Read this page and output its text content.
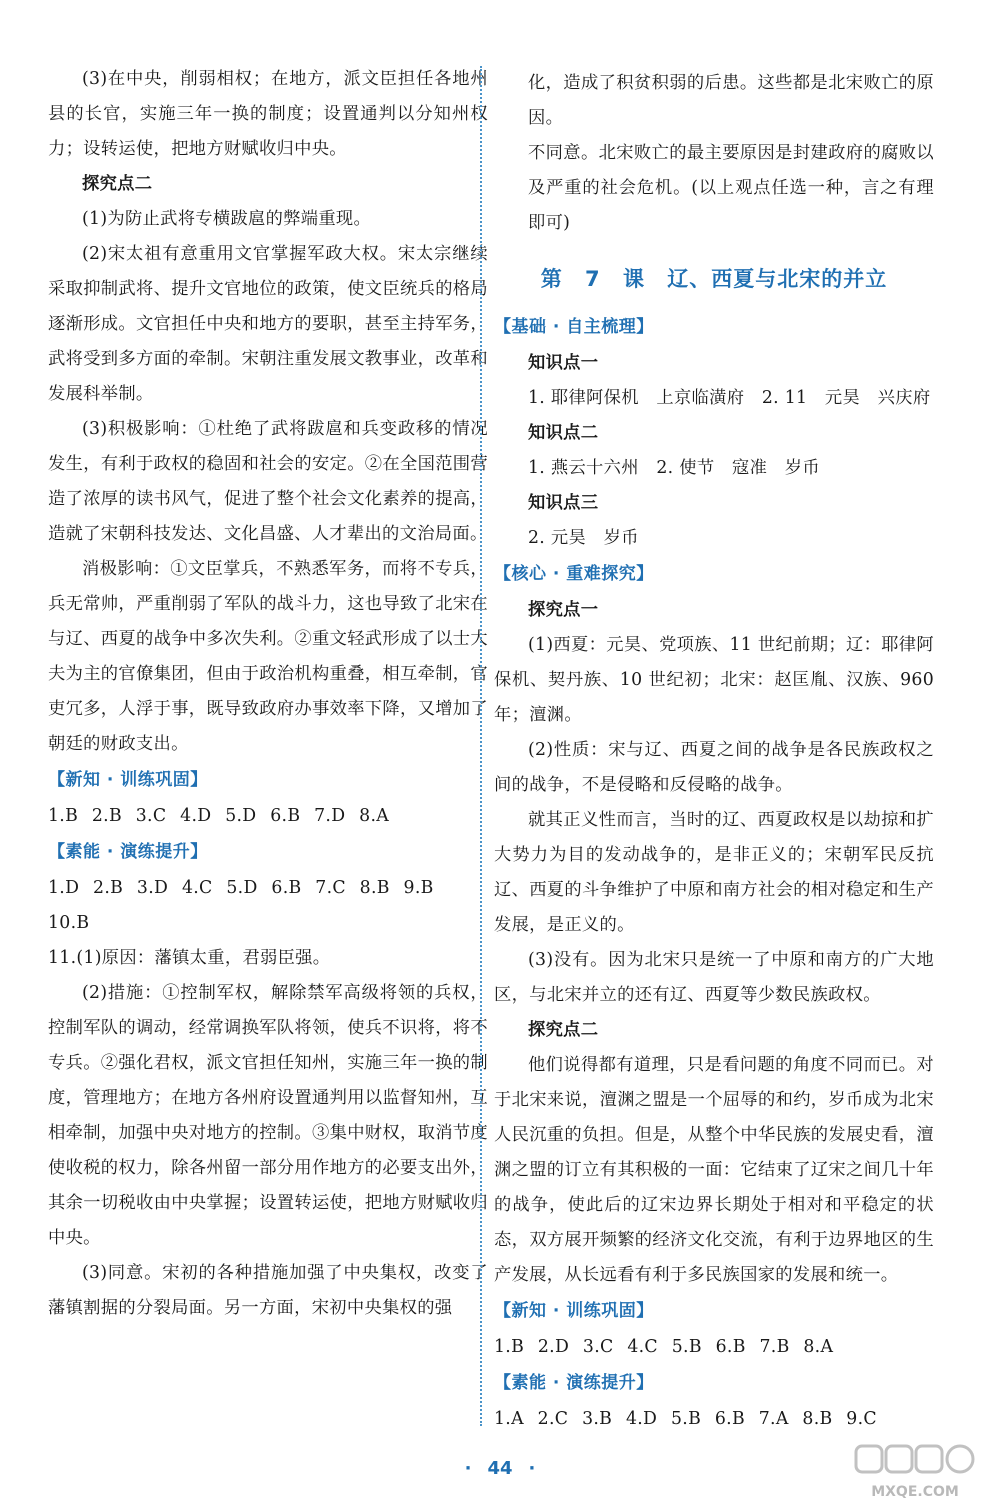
(3)在中央，削弱相权；在地方，派文臣担任各地州县的长官，实施三年一换的制度；设置通判以分知州权力；设转运使，把地方财赋收归中央。

探究点二

(1)为防止武将专横跋扈的弊端重现。

(2)宋太祖有意重用文官掌握军政大权。宋太宗继续采取抑制武将、提升文官地位的政策，使文臣统兵的格局逐渐形成。文官担任中央和地方的要职，甚至主持军务，武将受到多方面的牵制。宋朝注重发展文教事业，改革和发展科举制。

(3)积极影响：①杜绝了武将跋扈和兵变政移的情况发生，有利于政权的稳固和社会的安定。②在全国范围营造了浓厚的读书风气，促进了整个社会文化素养的提高，造就了宋朝科技发达、文化昌盛、人才辈出的文治局面。

消极影响：①文臣掌兵，不熟悉军务，而将不专兵，兵无常帅，严重削弱了军队的战斗力，这也导致了北宋在与辽、西夏的战争中多次失利。②重文轻武形成了以士大夫为主的官僚集团，但由于政治机构重叠，相互牵制，官吏冗多，人浮于事，既导致政府办事效率下降，又增加了朝廷的财政支出。

【新知 · 训练巩固】

1.B 2.B 3.C 4.D 5.D 6.B 7.D 8.A

【素能 · 演练提升】

1.D 2.B 3.D 4.C 5.D 6.B 7.C 8.B 9.B

10.B

11.(1)原因：藩镇太重，君弱臣强。

(2)措施：①控制军权，解除禁军高级将领的兵权，控制军队的调动，经常调换军队将领，使兵不识将，将不专兵。②强化君权，派文官担任知州，实施三年一换的制度，管理地方；在地方各州府设置通判用以监督知州，互相牵制，加强中央对地方的控制。③集中财权，取消节度使收税的权力，除各州留一部分用作地方的必要支出外，其余一切税收由中央掌握；设置转运使，把地方财赋收归中央。

(3)同意。宋初的各种措施加强了中央集权，改变了藩镇割据的分裂局面。另一方面，宋初中央集权的强

化，造成了积贫积弱的后患。这些都是北宋败亡的原因。

不同意。北宋败亡的最主要原因是封建政府的腐败以及严重的社会危机。(以上观点任选一种，言之有理即可)

第 7 课 辽、西夏与北宋的并立

【基础 · 自主梳理】

知识点一

1. 耶律阿保机　上京临潢府　2. 11　元昊　兴庆府

知识点二

1. 燕云十六州　2. 使节　寇准　岁币

知识点三

2. 元昊　岁币

【核心 · 重难探究】

探究点一

(1)西夏：元昊、党项族、11 世纪前期；辽：耶律阿保机、契丹族、10 世纪初；北宋：赵匡胤、汉族、960 年；澶渊。

(2)性质：宋与辽、西夏之间的战争是各民族政权之间的战争，不是侵略和反侵略的战争。

就其正义性而言，当时的辽、西夏政权是以劫掠和扩大势力为目的发动战争的，是非正义的；宋朝军民反抗辽、西夏的斗争维护了中原和南方社会的相对稳定和生产发展，是正义的。

(3)没有。因为北宋只是统一了中原和南方的广大地区，与北宋并立的还有辽、西夏等少数民族政权。

探究点二

他们说得都有道理，只是看问题的角度不同而已。对于北宋来说，澶渊之盟是一个屈辱的和约，岁币成为北宋人民沉重的负担。但是，从整个中华民族的发展史看，澶渊之盟的订立有其积极的一面：它结束了辽宋之间几十年的战争，使此后的辽宋边界长期处于相对和平稳定的状态，双方展开频繁的经济文化交流，有利于边界地区的生产发展，从长远看有利于多民族国家的发展和统一。

【新知 · 训练巩固】

1.B 2.D 3.C 4.C 5.B 6.B 7.B 8.A

【素能 · 演练提升】

1.A 2.C 3.B 4.D 5.B 6.B 7.A 8.B 9.C

· 44 ·
MXQE.COM
